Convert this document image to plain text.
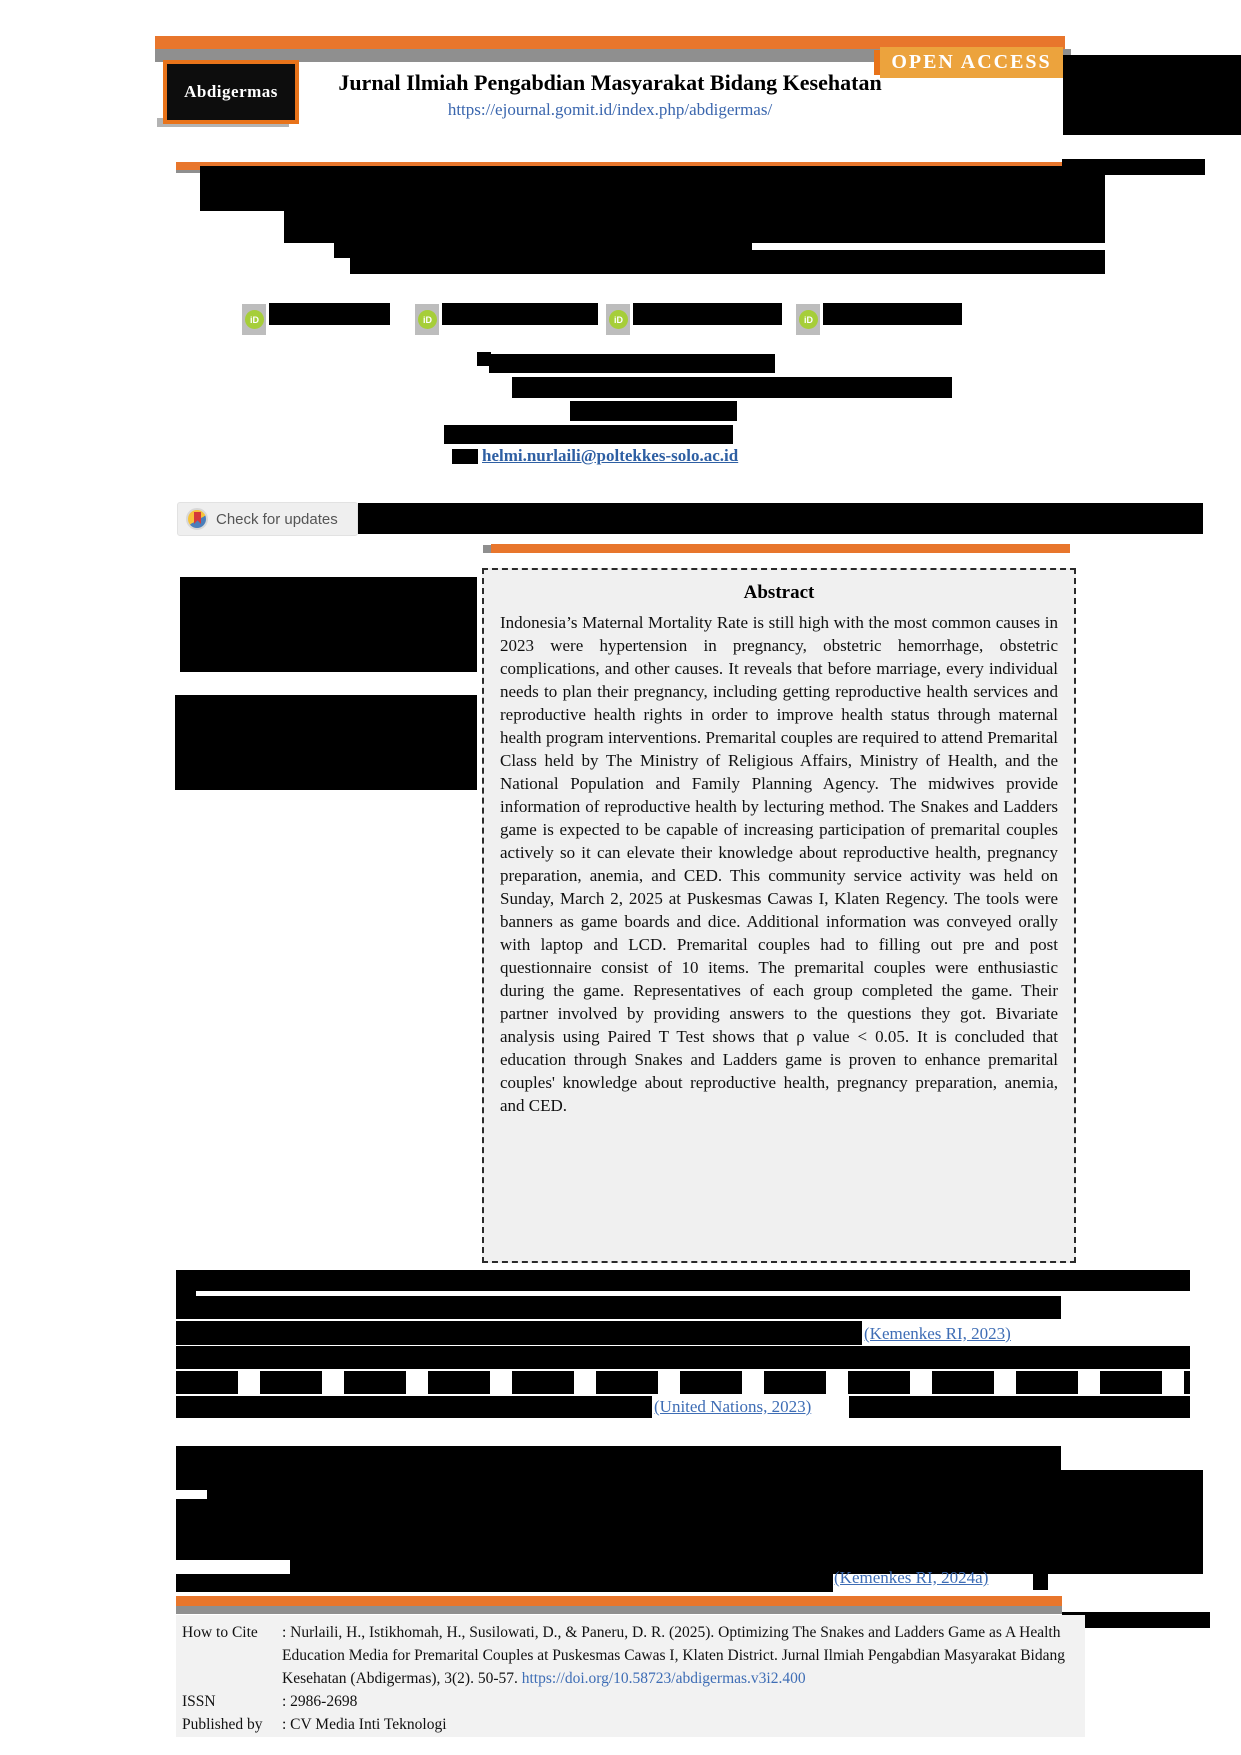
Abdigermas
OPEN ACCESS
Jurnal Ilmiah Pengabdian Masyarakat Bidang Kesehatan
https://ejournal.gomit.id/index.php/abdigermas/
iD	iD	iD	iD
helmi.nurlaili@poltekkes-solo.ac.id
Check for updates
Abstract

Indonesia’s Maternal Mortality Rate is still high with the most common causes in 2023 were hypertension in pregnancy, obstetric hemorrhage, obstetric complications, and other causes. It reveals that before marriage, every individual needs to plan their pregnancy, including getting reproductive health services and reproductive health rights in order to improve health status through maternal health program interventions. Premarital couples are required to attend Premarital Class held by The Ministry of Religious Affairs, Ministry of Health, and the National Population and Family Planning Agency. The midwives provide information of reproductive health by lecturing method. The Snakes and Ladders game is expected to be capable of increasing participation of premarital couples actively so it can elevate their knowledge about reproductive health, pregnancy preparation, anemia, and CED. This community service activity was held on Sunday, March 2, 2025 at Puskesmas Cawas I, Klaten Regency. The tools were banners as game boards and dice. Additional information was conveyed orally with laptop and LCD. Premarital couples had to filling out pre and post questionnaire consist of 10 items. The premarital couples were enthusiastic during the game. Representatives of each group completed the game. Their partner involved by providing answers to the questions they got. Bivariate analysis using Paired T Test shows that ρ value < 0.05. It is concluded that education through Snakes and Ladders game is proven to enhance premarital couples' knowledge about reproductive health, pregnancy preparation, anemia, and CED.

(Kemenkes RI, 2023)
(United Nations, 2023)
(Kemenkes RI, 2024a)
How to Cite	: Nurlaili, H., Istikhomah, H., Susilowati, D., & Paneru, D. R. (2025). Optimizing The Snakes and Ladders Game as A Health Education Media for Premarital Couples at Puskesmas Cawas I, Klaten District. Jurnal Ilmiah Pengabdian Masyarakat Bidang Kesehatan (Abdigermas), 3(2). 50-57. https://doi.org/10.58723/abdigermas.v3i2.400
ISSN	: 2986-2698
Published by	: CV Media Inti Teknologi
